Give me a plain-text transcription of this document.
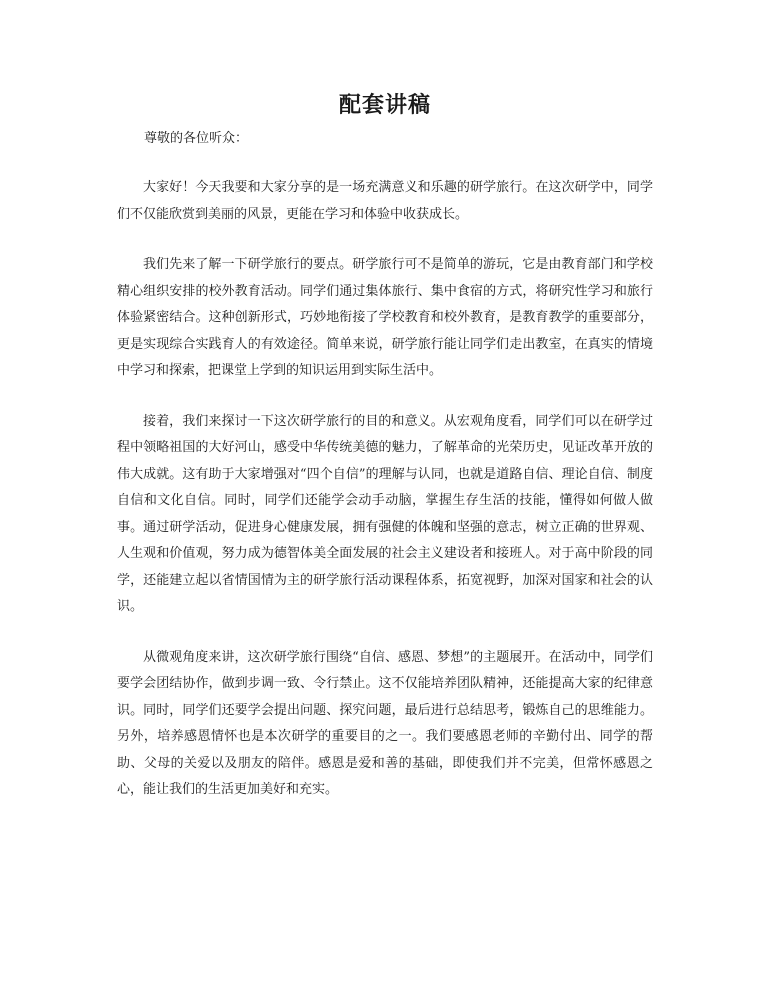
配套讲稿

尊敬的各位听众：

大家好！今天我要和大家分享的是一场充满意义和乐趣的研学旅行。在这次研学中，同学们不仅能欣赏到美丽的风景，更能在学习和体验中收获成长。

我们先来了解一下研学旅行的要点。研学旅行可不是简单的游玩，它是由教育部门和学校精心组织安排的校外教育活动。同学们通过集体旅行、集中食宿的方式，将研究性学习和旅行体验紧密结合。这种创新形式，巧妙地衔接了学校教育和校外教育，是教育教学的重要部分，更是实现综合实践育人的有效途径。简单来说，研学旅行能让同学们走出教室，在真实的情境中学习和探索，把课堂上学到的知识运用到实际生活中。

接着，我们来探讨一下这次研学旅行的目的和意义。从宏观角度看，同学们可以在研学过程中领略祖国的大好河山，感受中华传统美德的魅力，了解革命的光荣历史，见证改革开放的伟大成就。这有助于大家增强对“四个自信”的理解与认同，也就是道路自信、理论自信、制度自信和文化自信。同时，同学们还能学会动手动脑，掌握生存生活的技能，懂得如何做人做事。通过研学活动，促进身心健康发展，拥有强健的体魄和坚强的意志，树立正确的世界观、人生观和价值观，努力成为德智体美全面发展的社会主义建设者和接班人。对于高中阶段的同学，还能建立起以省情国情为主的研学旅行活动课程体系，拓宽视野，加深对国家和社会的认识。

从微观角度来讲，这次研学旅行围绕“自信、感恩、梦想”的主题展开。在活动中，同学们要学会团结协作，做到步调一致、令行禁止。这不仅能培养团队精神，还能提高大家的纪律意识。同时，同学们还要学会提出问题、探究问题，最后进行总结思考，锻炼自己的思维能力。另外，培养感恩情怀也是本次研学的重要目的之一。我们要感恩老师的辛勤付出、同学的帮助、父母的关爱以及朋友的陪伴。感恩是爱和善的基础，即使我们并不完美，但常怀感恩之心，能让我们的生活更加美好和充实。
